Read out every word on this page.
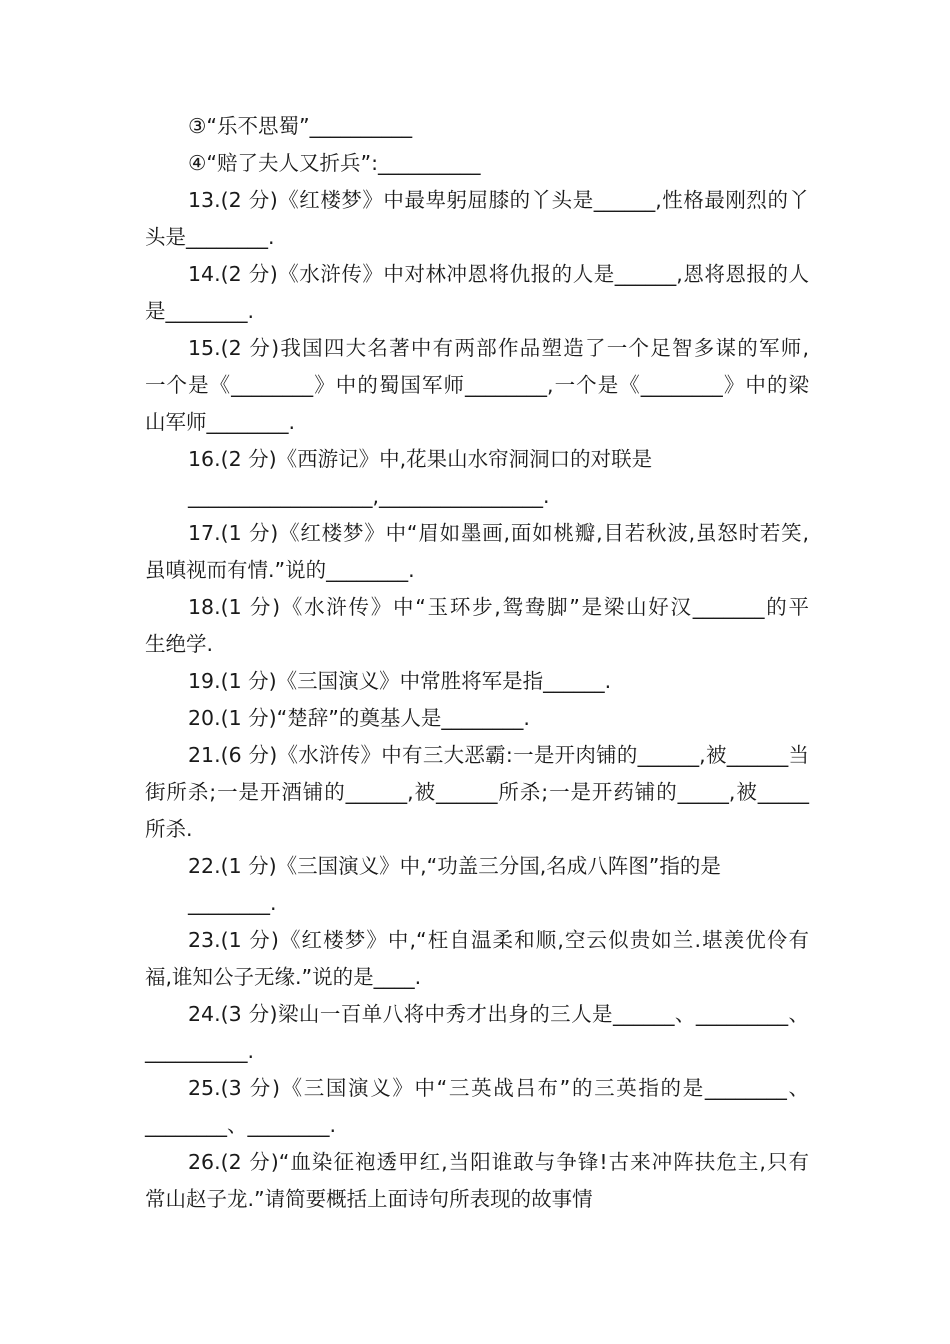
③“乐不思蜀”__________
④“赔了夫人又折兵”:__________
13.(2 分)《红楼梦》中最卑躬屈膝的丫头是______,性格最刚烈的丫
头是________.
14.(2 分)《水浒传》中对林冲恩将仇报的人是______,恩将恩报的人
是________.
15.(2 分)我国四大名著中有两部作品塑造了一个足智多谋的军师,
一个是《________》中的蜀国军师________,一个是《________》中的梁
山军师________.
16.(2 分)《西游记》中,花果山水帘洞洞口的对联是
__________________,________________.
17.(1 分)《红楼梦》中“眉如墨画,面如桃瓣,目若秋波,虽怒时若笑,
虽嗔视而有情.”说的________.
18.(1 分)《水浒传》中“玉环步,鸳鸯脚”是梁山好汉_______的平
生绝学.
19.(1 分)《三国演义》中常胜将军是指______.
20.(1 分)“楚辞”的奠基人是________.
21.(6 分)《水浒传》中有三大恶霸:一是开肉铺的______,被______当
街所杀;一是开酒铺的______,被______所杀;一是开药铺的_____,被_____
所杀.
22.(1 分)《三国演义》中,“功盖三分国,名成八阵图”指的是
________.
23.(1 分)《红楼梦》中,“枉自温柔和顺,空云似贵如兰.堪羡优伶有
福,谁知公子无缘.”说的是____.
24.(3 分)梁山一百单八将中秀才出身的三人是______、_________、
__________.
25.(3 分)《三国演义》中“三英战吕布”的三英指的是________、
________、________.
26.(2 分)“血染征袍透甲红,当阳谁敢与争锋!古来冲阵扶危主,只有
常山赵子龙.”请简要概括上面诗句所表现的故事情
